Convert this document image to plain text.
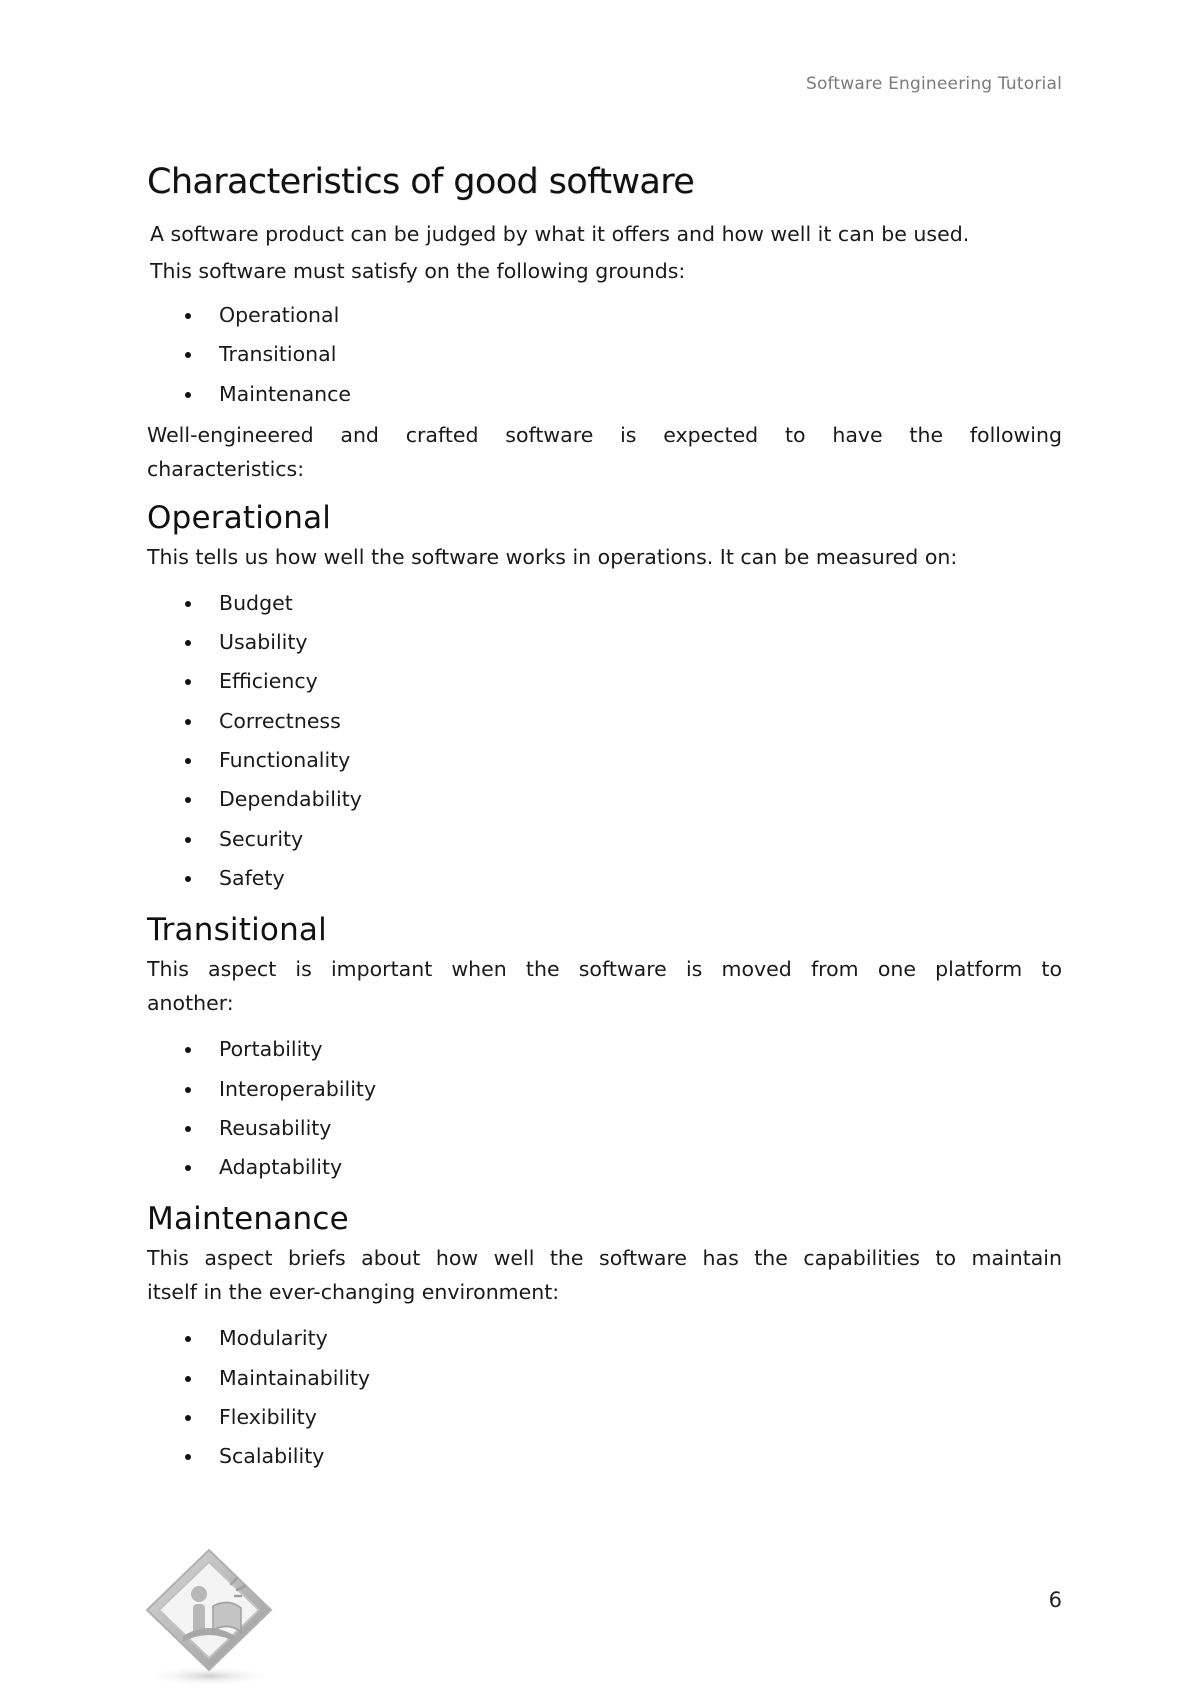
Software Engineering Tutorial
Characteristics of good software
A software product can be judged by what it offers and how well it can be used.
This software must satisfy on the following grounds:
Operational
Transitional
Maintenance
Well-engineered and crafted software is expected to have the following
characteristics:
Operational
This tells us how well the software works in operations. It can be measured on:
Budget
Usability
Efficiency
Correctness
Functionality
Dependability
Security
Safety
Transitional
This aspect is important when the software is moved from one platform to
another:
Portability
Interoperability
Reusability
Adaptability
Maintenance
This aspect briefs about how well the software has the capabilities to maintain
itself in the ever-changing environment:
Modularity
Maintainability
Flexibility
Scalability
6
